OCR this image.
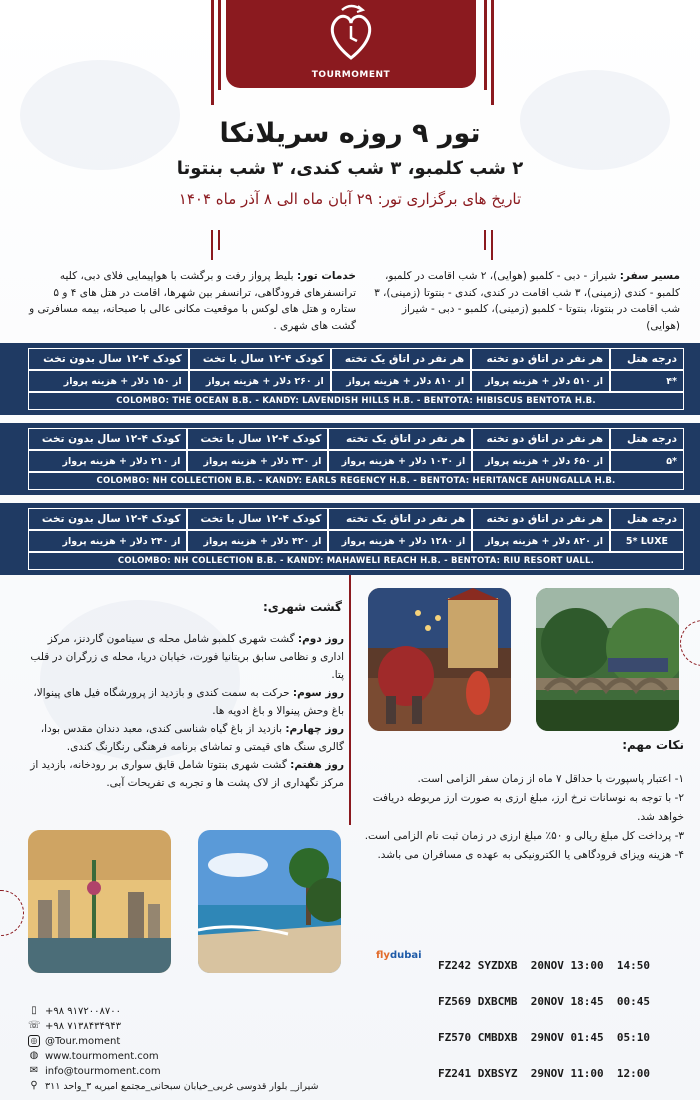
TOURMOMENT
تور ۹ روزه سریلانکا
۲ شب کلمبو، ۳ شب کندی، ۳ شب بنتوتا
تاریخ های برگزاری تور: ۲۹ آبان ماه الی ۸ آذر ماه ۱۴۰۴
مسیر سفر: شیراز - دبی - کلمبو (هوایی)، ۲ شب اقامت در کلمبو، کلمبو - کندی (زمینی)، ۳ شب اقامت در کندی، کندی - بنتوتا (زمینی)، ۳ شب اقامت در بنتوتا، بنتوتا - کلمبو (زمینی)، کلمبو - دبی - شیراز (هوایی)
خدمات تور: بلیط پرواز رفت و برگشت با هواپیمایی فلای دبی، کلیه ترانسفرهای فرودگاهی، ترانسفر بین شهرها، اقامت در هتل های ۴ و ۵ ستاره و هتل های لوکس با موقعیت مکانی عالی با صبحانه، بیمه مسافرتی و گشت های شهری .
درجه هتل	هر نفر در اتاق دو تخته	هر نفر در اتاق یک تخته	کودک ۴-۱۲ سال با تخت	کودک ۴-۱۲ سال بدون تخت
*۴	از ۵۱۰ دلار + هزینه پرواز	از ۸۱۰ دلار + هزینه پرواز	از ۲۶۰ دلار + هزینه پرواز	از ۱۵۰ دلار + هزینه پرواز
COLOMBO: THE OCEAN B.B. - KANDY: LAVENDISH HILLS H.B. - BENTOTA: HIBISCUS BENTOTA H.B.				
درجه هتل	هر نفر در اتاق دو تخته	هر نفر در اتاق یک تخته	کودک ۴-۱۲ سال با تخت	کودک ۴-۱۲ سال بدون تخت
*۵	از ۶۵۰ دلار + هزینه پرواز	از ۱۰۳۰ دلار + هزینه پرواز	از ۳۳۰ دلار + هزینه پرواز	از ۲۱۰ دلار + هزینه پرواز
COLOMBO: NH COLLECTION B.B. - KANDY: EARLS REGENCY H.B. - BENTOTA: HERITANCE AHUNGALLA H.B.				
درجه هتل	هر نفر در اتاق دو تخته	هر نفر در اتاق یک تخته	کودک ۴-۱۲ سال با تخت	کودک ۴-۱۲ سال بدون تخت
5* LUXE	از ۸۲۰ دلار + هزینه پرواز	از ۱۲۸۰ دلار + هزینه پرواز	از ۴۲۰ دلار + هزینه پرواز	از ۲۴۰ دلار + هزینه پرواز
COLOMBO: NH COLLECTION B.B. - KANDY: MAHAWELI REACH H.B. - BENTOTA: RIU RESORT UALL.				
گشت شهری:
روز دوم: گشت شهری کلمبو شامل محله ی سینامون گاردنز، مرکز اداری و نظامی سابق بریتانیا فورت، خیابان دریا، محله ی زرگران در قلب پتا.
روز سوم: حرکت به سمت کندی و بازدید از پرورشگاه فیل های پینوالا، باغ وحش پینوالا و باغ ادویه ها.
روز چهارم: بازدید از باغ گیاه شناسی کندی، معبد دندان مقدس بودا، گالری سنگ های قیمتی و تماشای برنامه فرهنگی رنگارنگ کندی.
روز هفتم: گشت شهری بنتوتا شامل قایق سواری بر رودخانه، بازدید از مرکز نگهداری از لاک پشت ها و تجربه ی تفریحات آبی.
نکات مهم:
۱- اعتبار پاسپورت با حداقل ۷ ماه از زمان سفر الزامی است.
۲- با توجه به نوسانات نرخ ارز، مبلغ ارزی به صورت ارز مربوطه دریافت خواهد شد.
۳- پرداخت کل مبلغ ریالی و ۵۰٪ مبلغ ارزی در زمان ثبت نام الزامی است.
۴- هزینه ویزای فرودگاهی یا الکترونیکی به عهده ی مسافران می باشد.
flydubai

FZ242 SYZDXB 20NOV 13:00 14:50

FZ569 DXBCMB 20NOV 18:45 00:45

FZ570 CMBDXB 29NOV 01:45 05:10

FZ241 DXBSYZ 29NOV 11:00 12:00

▯ +۹۸ ۹۱۷۲۰۰۸۷۰۰
☏ +۹۸ ۷۱۳۸۴۳۴۹۴۳
◎ @Tour.moment
◍ www.tourmoment.com
✉ info@tourmoment.com
⚲ شیراز_ بلوار قدوسی غربی_خیابان سبحانی_مجتمع امیریه ۳_واحد ۳۱۱
